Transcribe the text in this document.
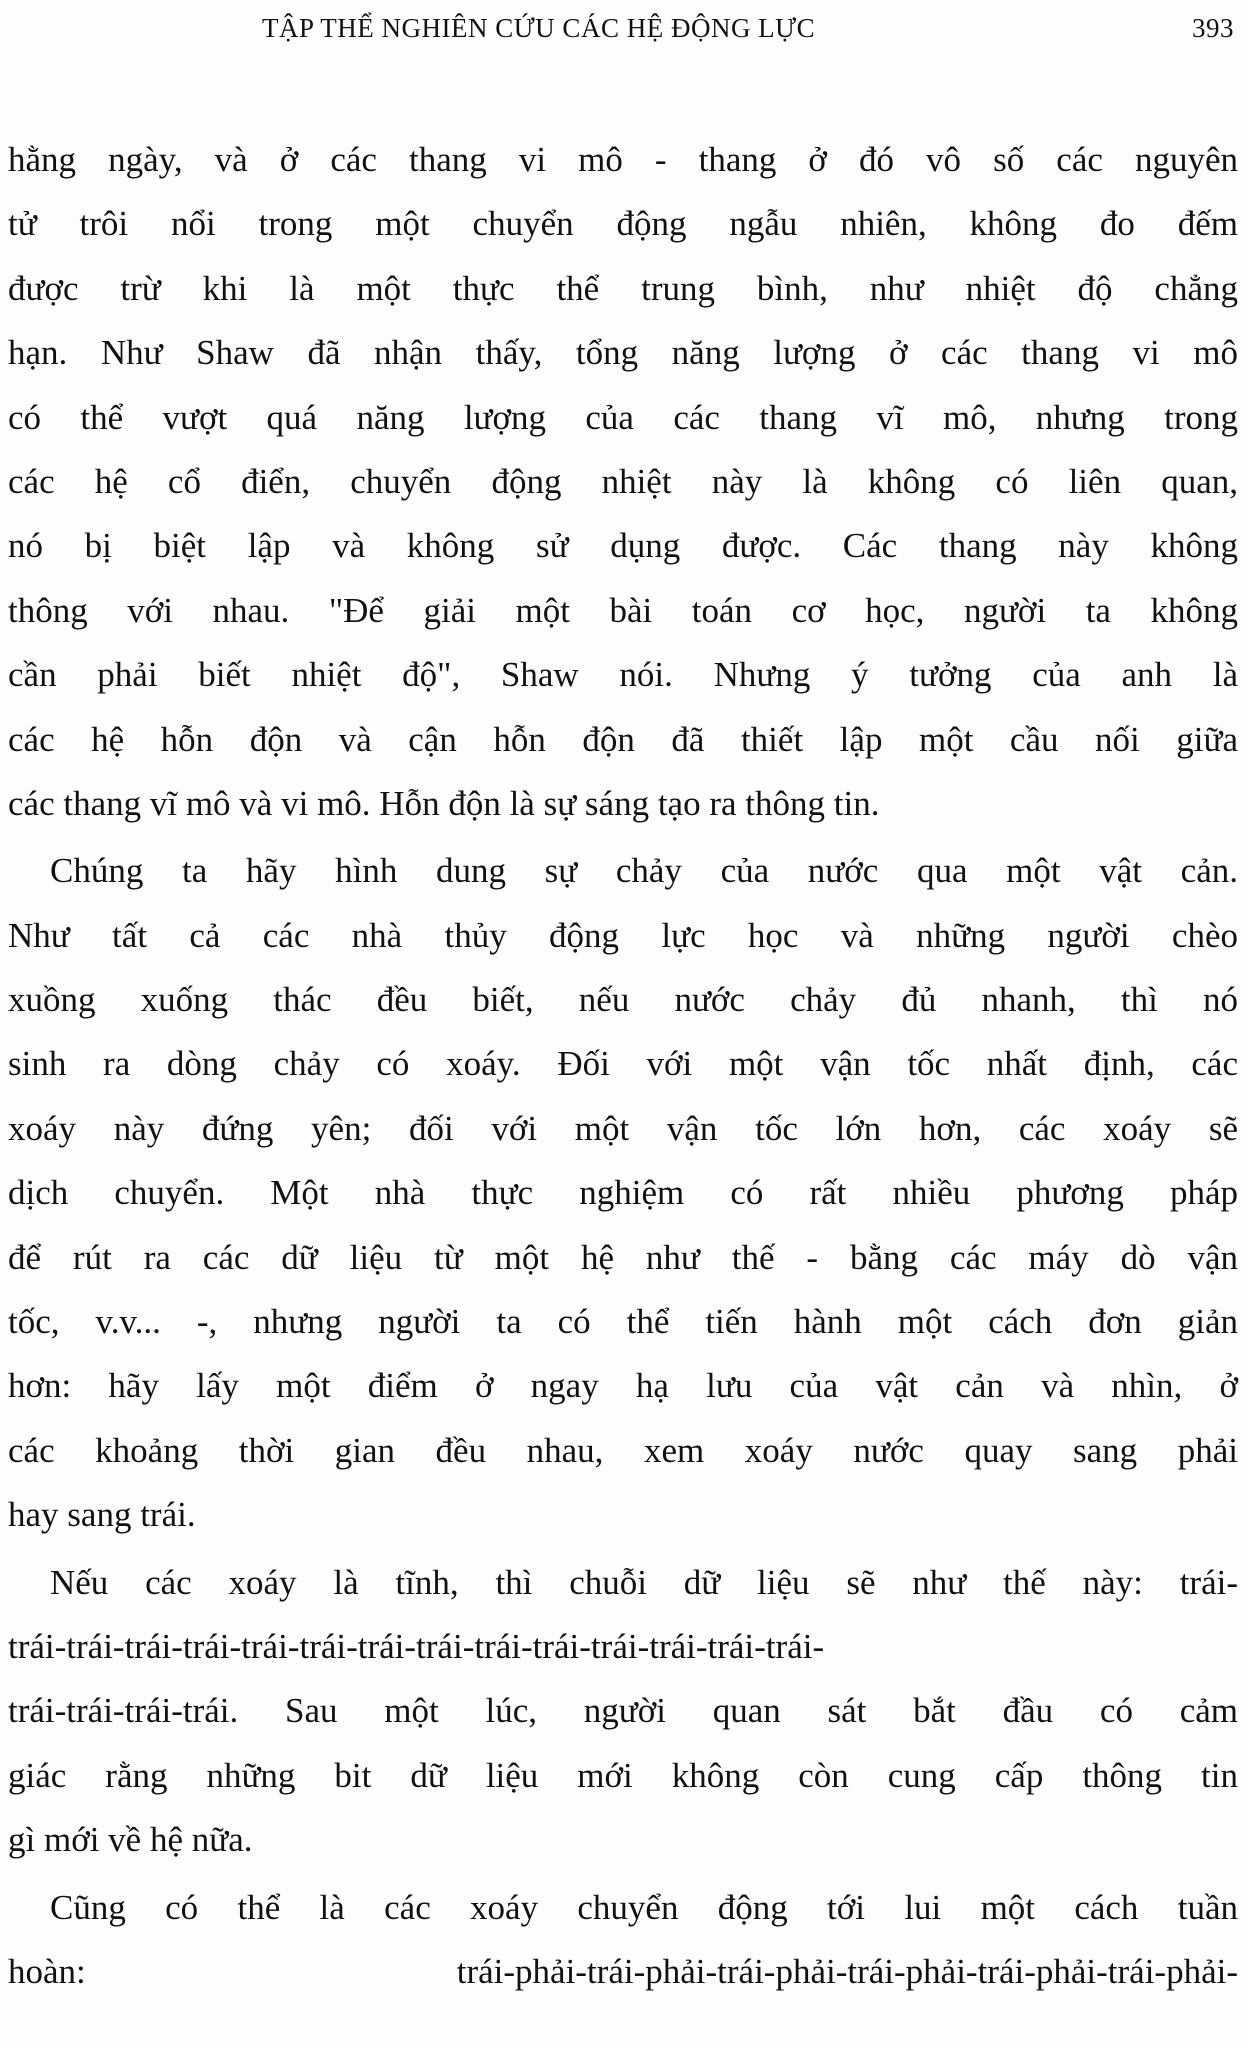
TẬP THỂ NGHIÊN CỨU CÁC HỆ ĐỘNG LỰC	393

hằng ngày, và ở các thang vi mô - thang ở đó vô số các nguyên
tử trôi nổi trong một chuyển động ngẫu nhiên, không đo đếm
được trừ khi là một thực thể trung bình, như nhiệt độ chẳng
hạn. Như Shaw đã nhận thấy, tổng năng lượng ở các thang vi mô
có thể vượt quá năng lượng của các thang vĩ mô, nhưng trong
các hệ cổ điển, chuyển động nhiệt này là không có liên quan,
nó bị biệt lập và không sử dụng được. Các thang này không
thông với nhau. "Để giải một bài toán cơ học, người ta không
cần phải biết nhiệt độ", Shaw nói. Nhưng ý tưởng của anh là
các hệ hỗn độn và cận hỗn độn đã thiết lập một cầu nối giữa
các thang vĩ mô và vi mô. Hỗn độn là sự sáng tạo ra thông tin.

Chúng ta hãy hình dung sự chảy của nước qua một vật cản.
Như tất cả các nhà thủy động lực học và những người chèo
xuồng xuống thác đều biết, nếu nước chảy đủ nhanh, thì nó
sinh ra dòng chảy có xoáy. Đối với một vận tốc nhất định, các
xoáy này đứng yên; đối với một vận tốc lớn hơn, các xoáy sẽ
dịch chuyển. Một nhà thực nghiệm có rất nhiều phương pháp
để rút ra các dữ liệu từ một hệ như thế - bằng các máy dò vận
tốc, v.v... -, nhưng người ta có thể tiến hành một cách đơn giản
hơn: hãy lấy một điểm ở ngay hạ lưu của vật cản và nhìn, ở
các khoảng thời gian đều nhau, xem xoáy nước quay sang phải
hay sang trái.

Nếu các xoáy là tĩnh, thì chuỗi dữ liệu sẽ như thế này: trái-
trái-trái-trái-trái-trái-trái-trái-trái-trái-trái-trái-trái-trái-trái-
trái-trái-trái-trái. Sau một lúc, người quan sát bắt đầu có cảm
giác rằng những bit dữ liệu mới không còn cung cấp thông tin
gì mới về hệ nữa.

Cũng có thể là các xoáy chuyển động tới lui một cách tuần
hoàn: trái-phải-trái-phải-trái-phải-trái-phải-trái-phải-trái-phải-
